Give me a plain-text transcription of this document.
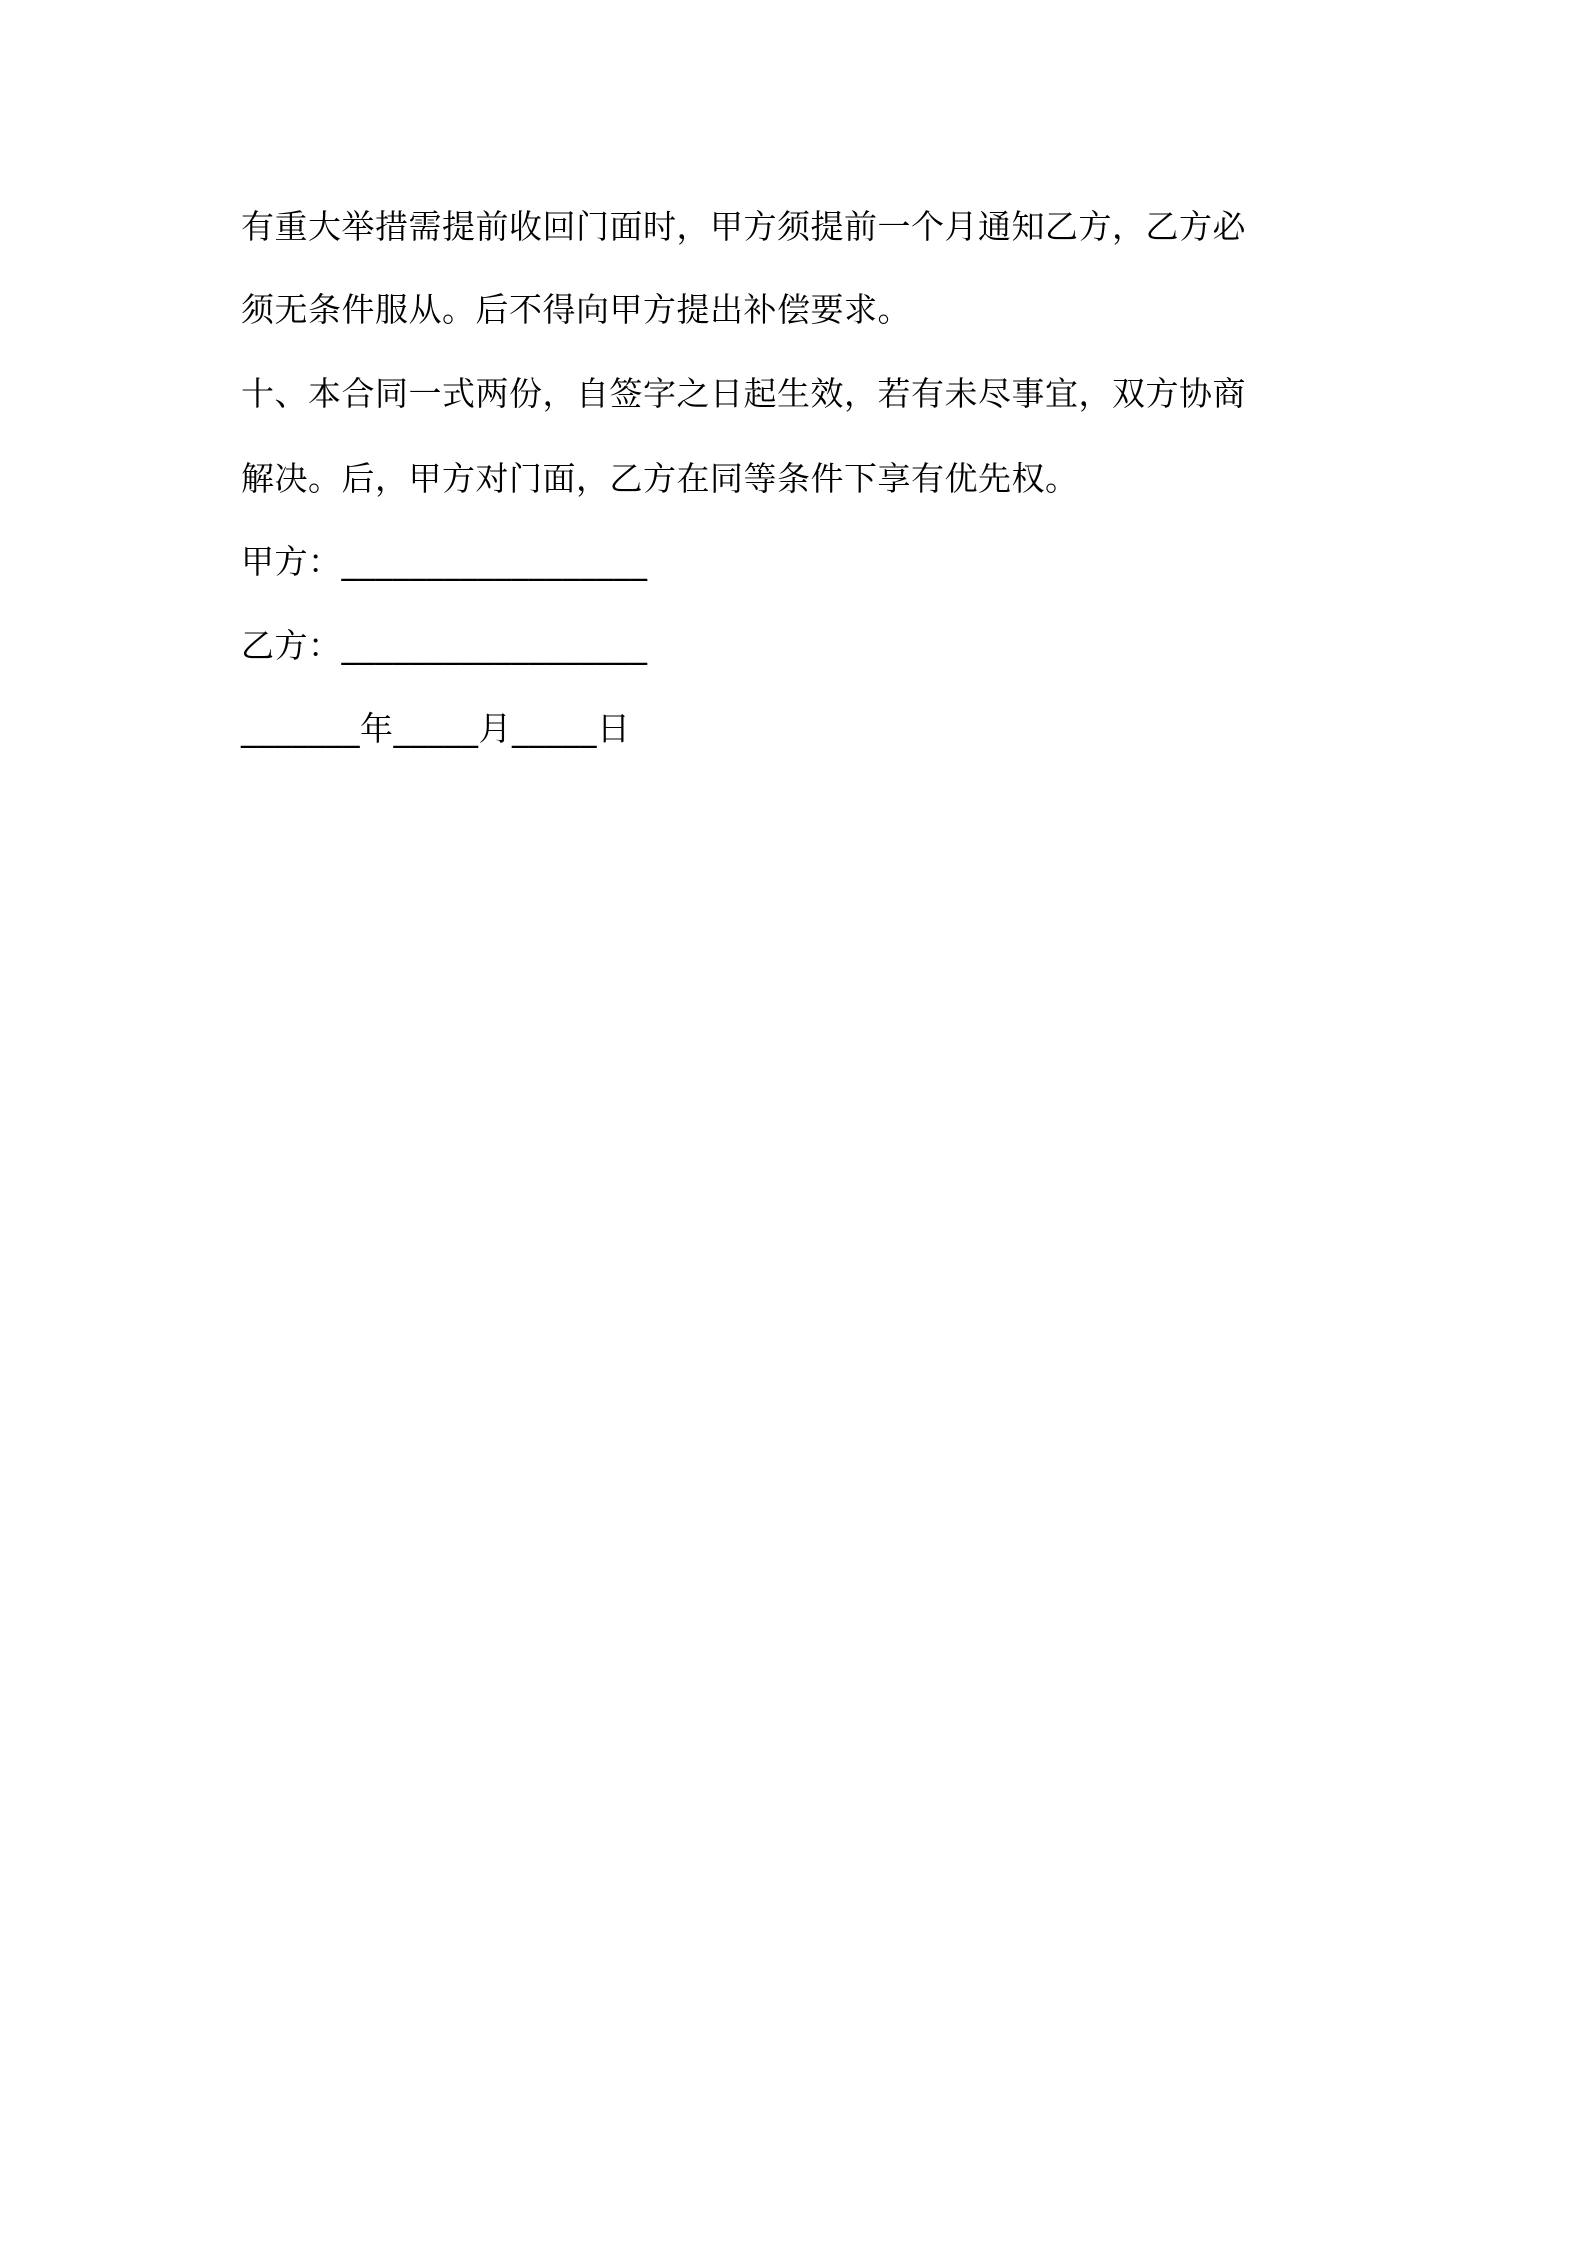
有重大举措需提前收回门面时，甲方须提前一个月通知乙方，乙方必
须无条件服从。后不得向甲方提出补偿要求。
十、本合同一式两份，自签字之日起生效，若有未尽事宜，双方协商
解决。后，甲方对门面，乙方在同等条件下享有优先权。
甲方：__________________
乙方：__________________
_______年_____月_____日
